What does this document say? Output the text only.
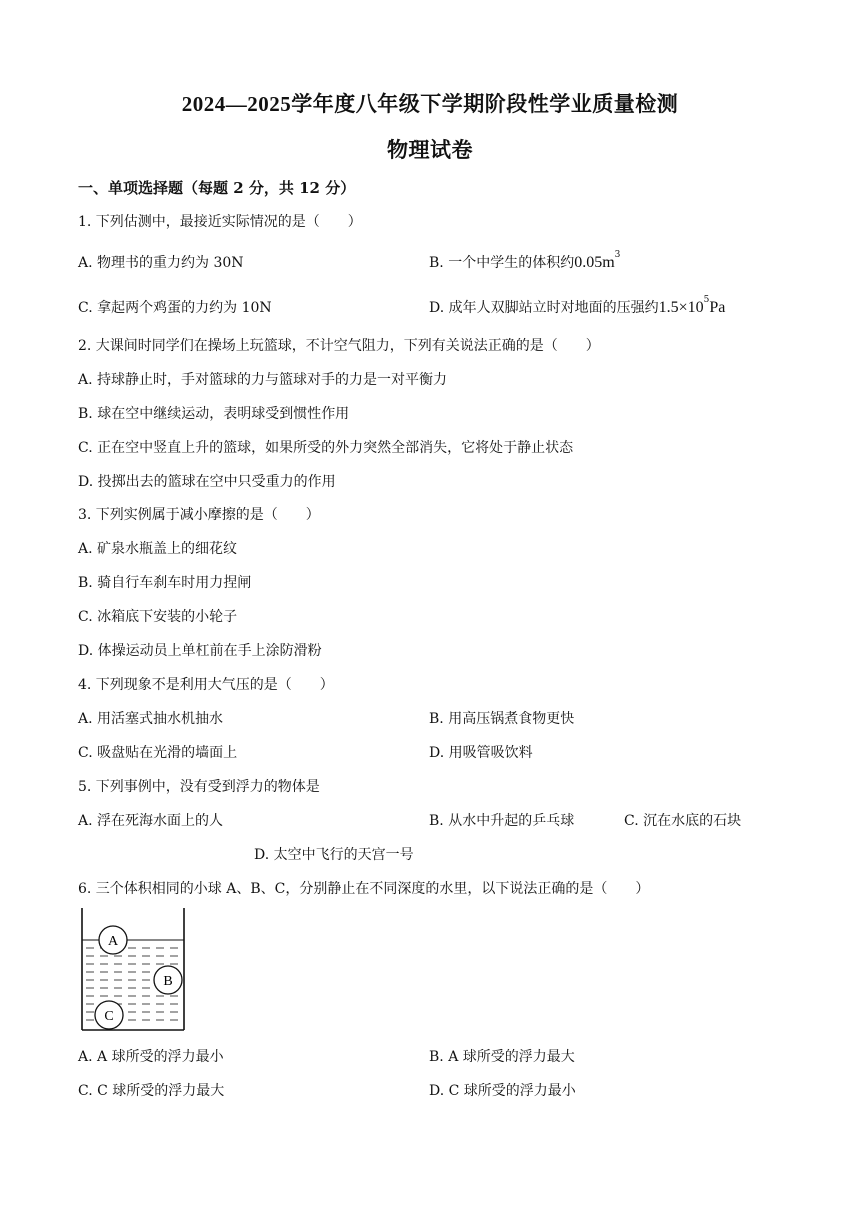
2024—2025学年度八年级下学期阶段性学业质量检测
物理试卷
一、单项选择题（每题 2 分，共 12 分）
1. 下列估测中，最接近实际情况的是（　　）
A. 物理书的重力约为 30N	B. 一个中学生的体积约$0.05m^3$
C. 拿起两个鸡蛋的力约为 10N	D. 成年人双脚站立时对地面的压强约$1.5\times 10^5Pa$
2. 大课间时同学们在操场上玩篮球，不计空气阻力，下列有关说法正确的是（　　）
A. 持球静止时，手对篮球的力与篮球对手的力是一对平衡力
B. 球在空中继续运动，表明球受到惯性作用
C. 正在空中竖直上升的篮球，如果所受的外力突然全部消失，它将处于静止状态
D. 投掷出去的篮球在空中只受重力的作用
3. 下列实例属于减小摩擦的是（　　）
A. 矿泉水瓶盖上的细花纹
B. 骑自行车刹车时用力捏闸
C. 冰箱底下安装的小轮子
D. 体操运动员上单杠前在手上涂防滑粉
4. 下列现象不是利用大气压的是（　　）
A. 用活塞式抽水机抽水	B. 用高压锅煮食物更快
C. 吸盘贴在光滑的墙面上	D. 用吸管吸饮料
5. 下列事例中，没有受到浮力的物体是
A. 浮在死海水面上的人	B. 从水中升起的乒乓球	C. 沉在水底的石块
D. 太空中飞行的天宫一号
6. 三个体积相同的小球 A、B、C，分别静止在不同深度的水里，以下说法正确的是（　　）
A
B
C
A. A 球所受的浮力最小	B. A 球所受的浮力最大
C. C 球所受的浮力最大	D. C 球所受的浮力最小
